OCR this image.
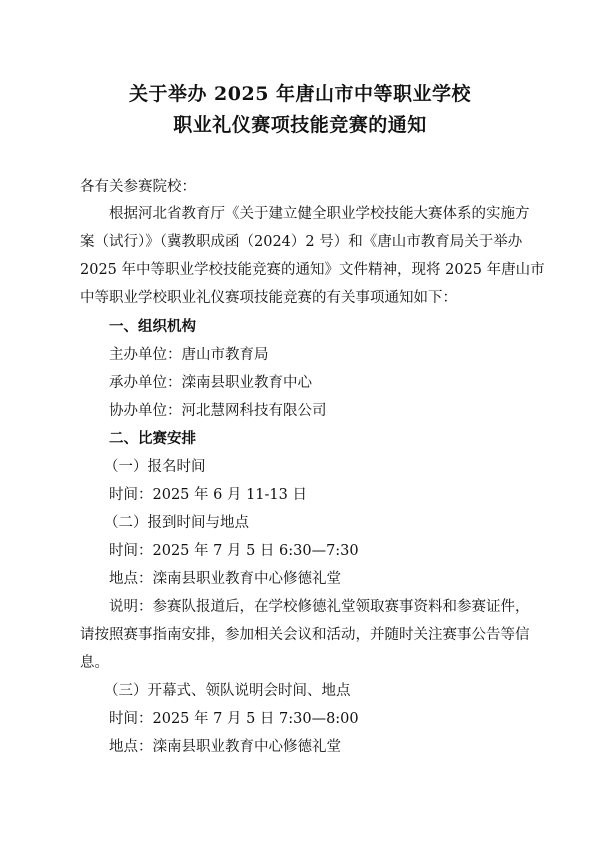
关于举办 2025 年唐山市中等职业学校
职业礼仪赛项技能竞赛的通知
各有关参赛院校：
根据河北省教育厅《关于建立健全职业学校技能大赛体系的实施方
案（试行）》（冀教职成函（2024）2 号）和《唐山市教育局关于举办
2025 年中等职业学校技能竞赛的通知》文件精神，现将 2025 年唐山市
中等职业学校职业礼仪赛项技能竞赛的有关事项通知如下：
一、组织机构
主办单位：唐山市教育局
承办单位：滦南县职业教育中心
协办单位：河北慧网科技有限公司
二、比赛安排
（一）报名时间
时间：2025 年 6 月 11-13 日
（二）报到时间与地点
时间：2025 年 7 月 5 日 6:30—7:30
地点：滦南县职业教育中心修德礼堂
说明：参赛队报道后，在学校修德礼堂领取赛事资料和参赛证件，
请按照赛事指南安排，参加相关会议和活动，并随时关注赛事公告等信
息。
（三）开幕式、领队说明会时间、地点
时间：2025 年 7 月 5 日 7:30—8:00
地点：滦南县职业教育中心修德礼堂
